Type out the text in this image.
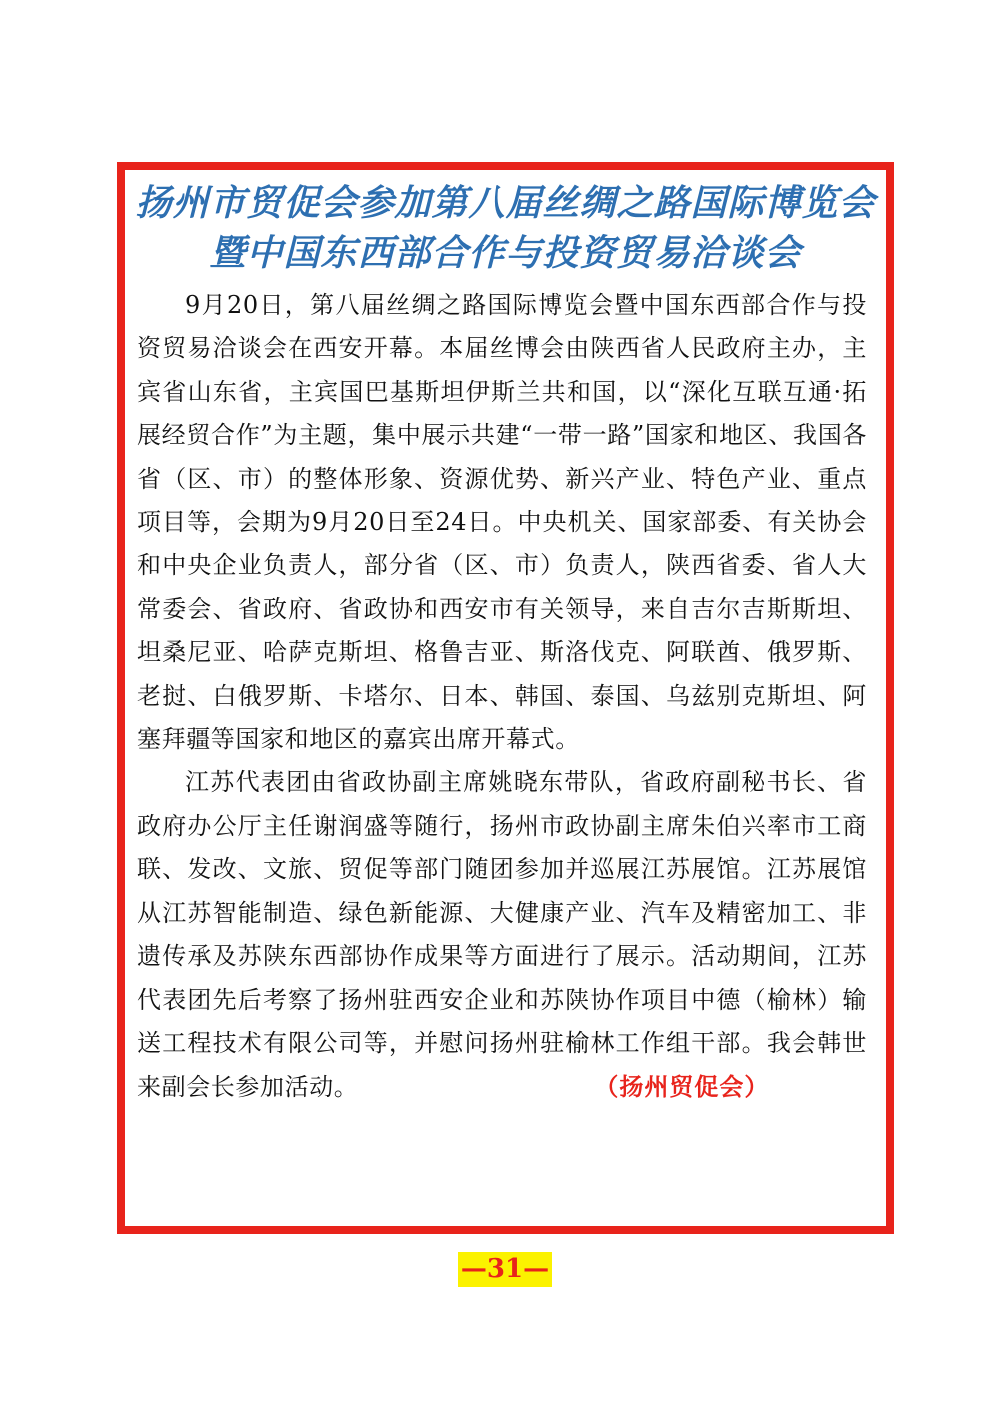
扬州市贸促会参加第八届丝绸之路国际博览会
暨中国东西部合作与投资贸易洽谈会

9月20日，第八届丝绸之路国际博览会暨中国东西部合作与投资贸易洽谈会在西安开幕。本届丝博会由陕西省人民政府主办，主宾省山东省，主宾国巴基斯坦伊斯兰共和国，以“深化互联互通·拓展经贸合作”为主题，集中展示共建“一带一路”国家和地区、我国各省（区、市）的整体形象、资源优势、新兴产业、特色产业、重点项目等，会期为9月20日至24日。中央机关、国家部委、有关协会和中央企业负责人，部分省（区、市）负责人，陕西省委、省人大常委会、省政府、省政协和西安市有关领导，来自吉尔吉斯斯坦、坦桑尼亚、哈萨克斯坦、格鲁吉亚、斯洛伐克、阿联酋、俄罗斯、老挝、白俄罗斯、卡塔尔、日本、韩国、泰国、乌兹别克斯坦、阿塞拜疆等国家和地区的嘉宾出席开幕式。

江苏代表团由省政协副主席姚晓东带队，省政府副秘书长、省政府办公厅主任谢润盛等随行，扬州市政协副主席朱伯兴率市工商联、发改、文旅、贸促等部门随团参加并巡展江苏展馆。江苏展馆从江苏智能制造、绿色新能源、大健康产业、汽车及精密加工、非遗传承及苏陕东西部协作成果等方面进行了展示。活动期间，江苏代表团先后考察了扬州驻西安企业和苏陕协作项目中德（榆林）输送工程技术有限公司等，并慰问扬州驻榆林工作组干部。我会韩世来副会长参加活动。	（扬州贸促会）

—31—
